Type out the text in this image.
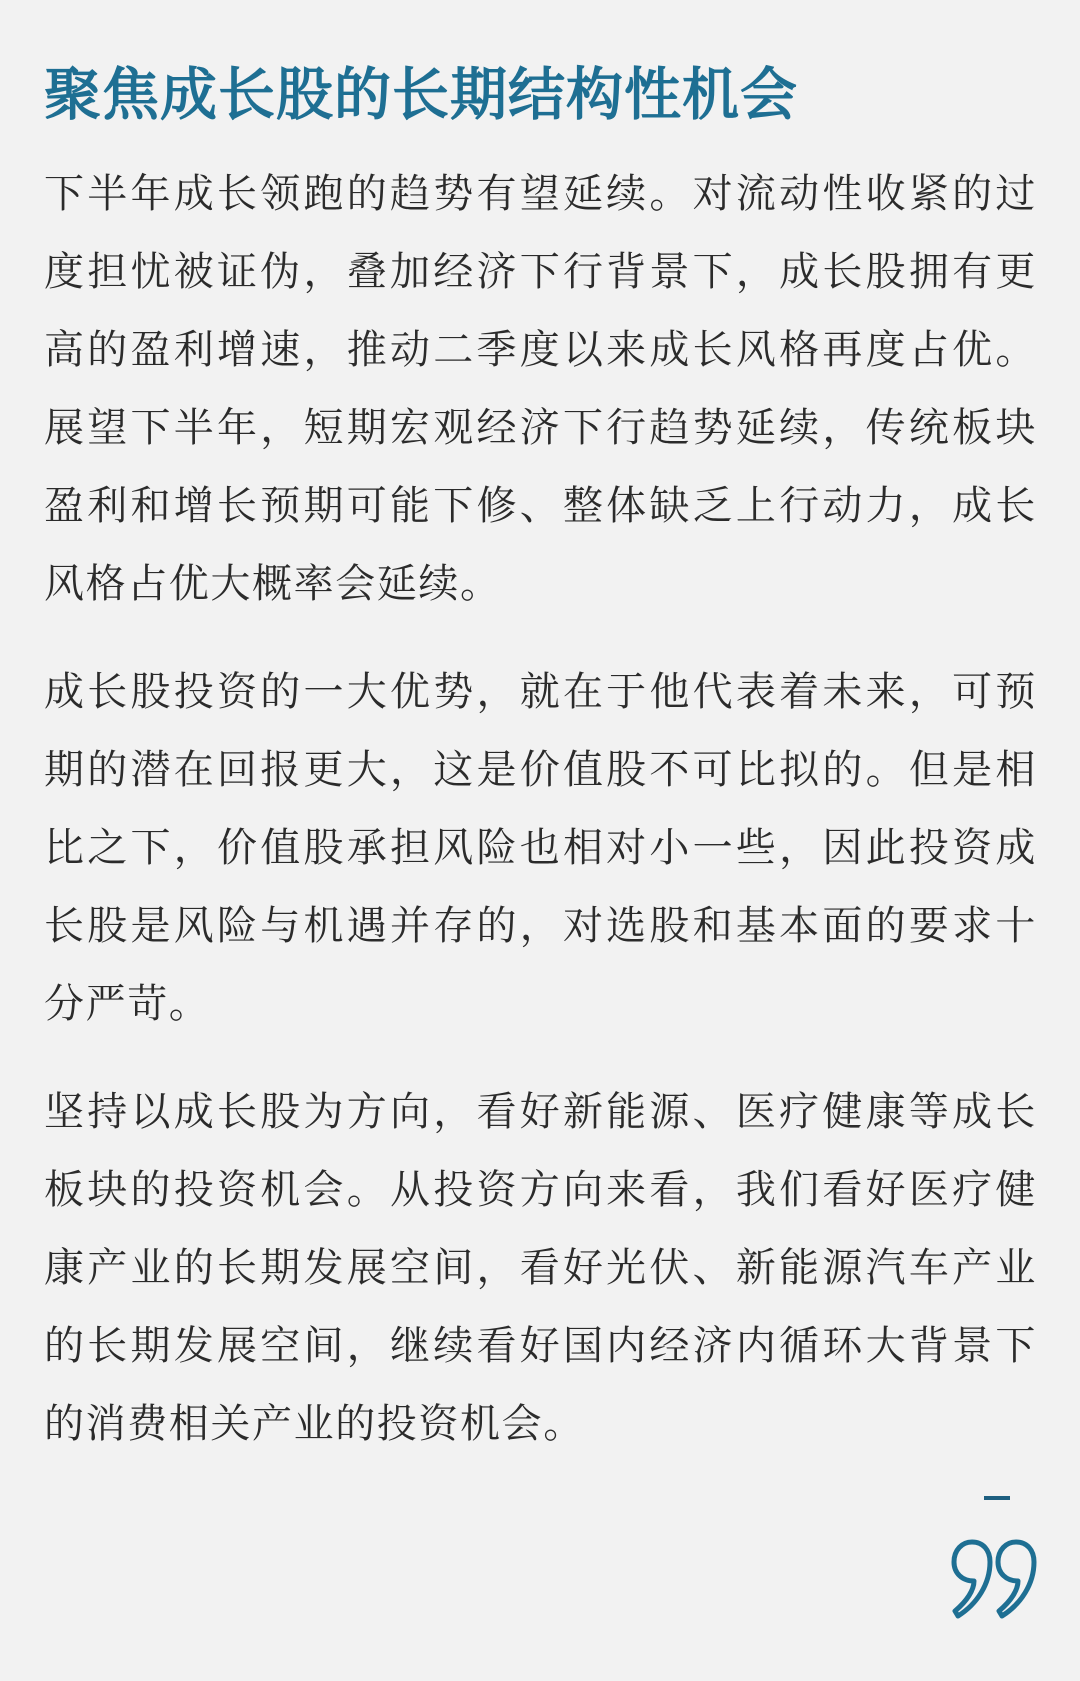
聚焦成长股的长期结构性机会

下半年成长领跑的趋势有望延续。对流动性收紧的过度担忧被证伪，叠加经济下行背景下，成长股拥有更高的盈利增速，推动二季度以来成长风格再度占优。展望下半年，短期宏观经济下行趋势延续，传统板块盈利和增长预期可能下修、整体缺乏上行动力，成长风格占优大概率会延续。

成长股投资的一大优势，就在于他代表着未来，可预期的潜在回报更大，这是价值股不可比拟的。但是相比之下，价值股承担风险也相对小一些，因此投资成长股是风险与机遇并存的，对选股和基本面的要求十分严苛。

坚持以成长股为方向，看好新能源、医疗健康等成长板块的投资机会。从投资方向来看，我们看好医疗健康产业的长期发展空间，看好光伏、新能源汽车产业的长期发展空间，继续看好国内经济内循环大背景下的消费相关产业的投资机会。
